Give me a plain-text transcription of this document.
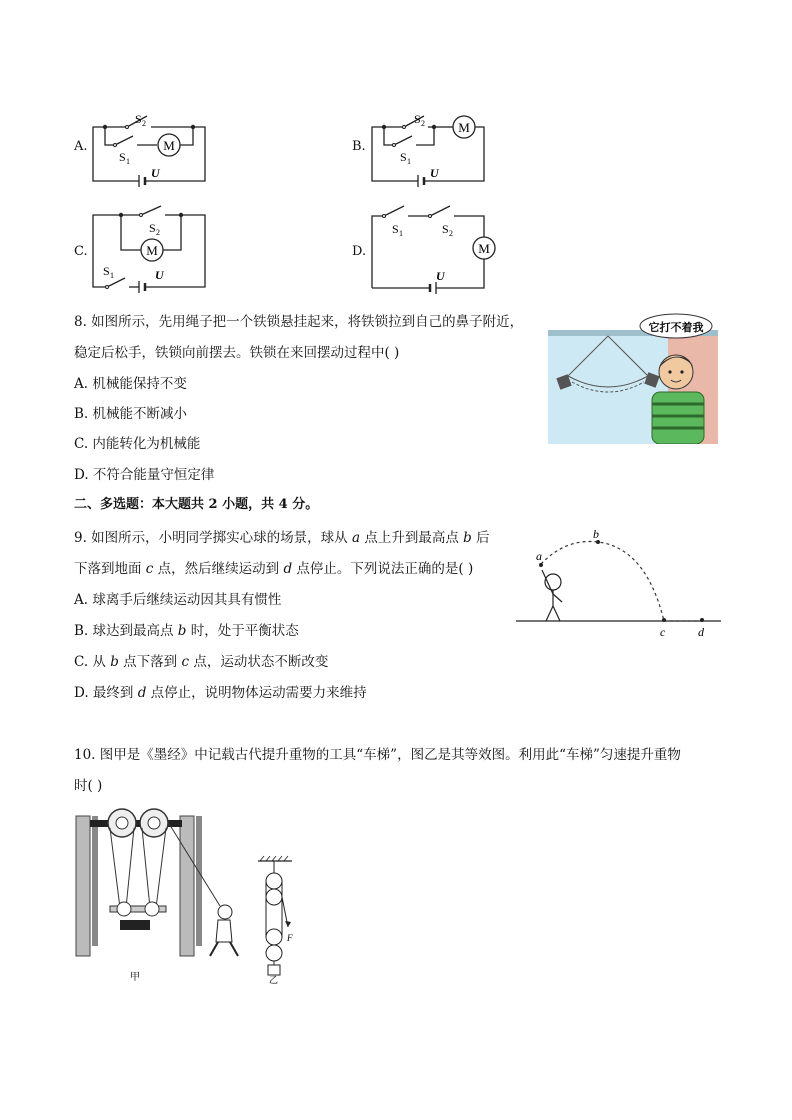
A.	M
S 2
S 1
U
B.
M
S 2
S 1
U
C.	M
S 2
S 1	U
D.	M
S 1	S 2
U
8. 如图所示，先用绳子把一个铁锁悬挂起来，将铁锁拉到自己的鼻子附近，
稳定后松手，铁锁向前摆去。铁锁在来回摆动过程中( )
A. 机械能保持不变
B. 机械能不断减小
C. 内能转化为机械能
D. 不符合能量守恒定律
它打不着我
二、多选题：本大题共 2 小题，共 4 分。
9. 如图所示，小明同学掷实心球的场景，球从 a 点上升到最高点 b 后
下落到地面 c 点，然后继续运动到 d 点停止。下列说法正确的是( )
A. 球离手后继续运动因其具有惯性
B. 球达到最高点 b 时，处于平衡状态
C. 从 b 点下落到 c 点，运动状态不断改变
D. 最终到 d 点停止，说明物体运动需要力来维持
a
b
c	d
10. 图甲是《墨经》中记载古代提升重物的工具“车梯”，图乙是其等效图。利用此“车梯”匀速提升重物
时( )
甲
F
乙
